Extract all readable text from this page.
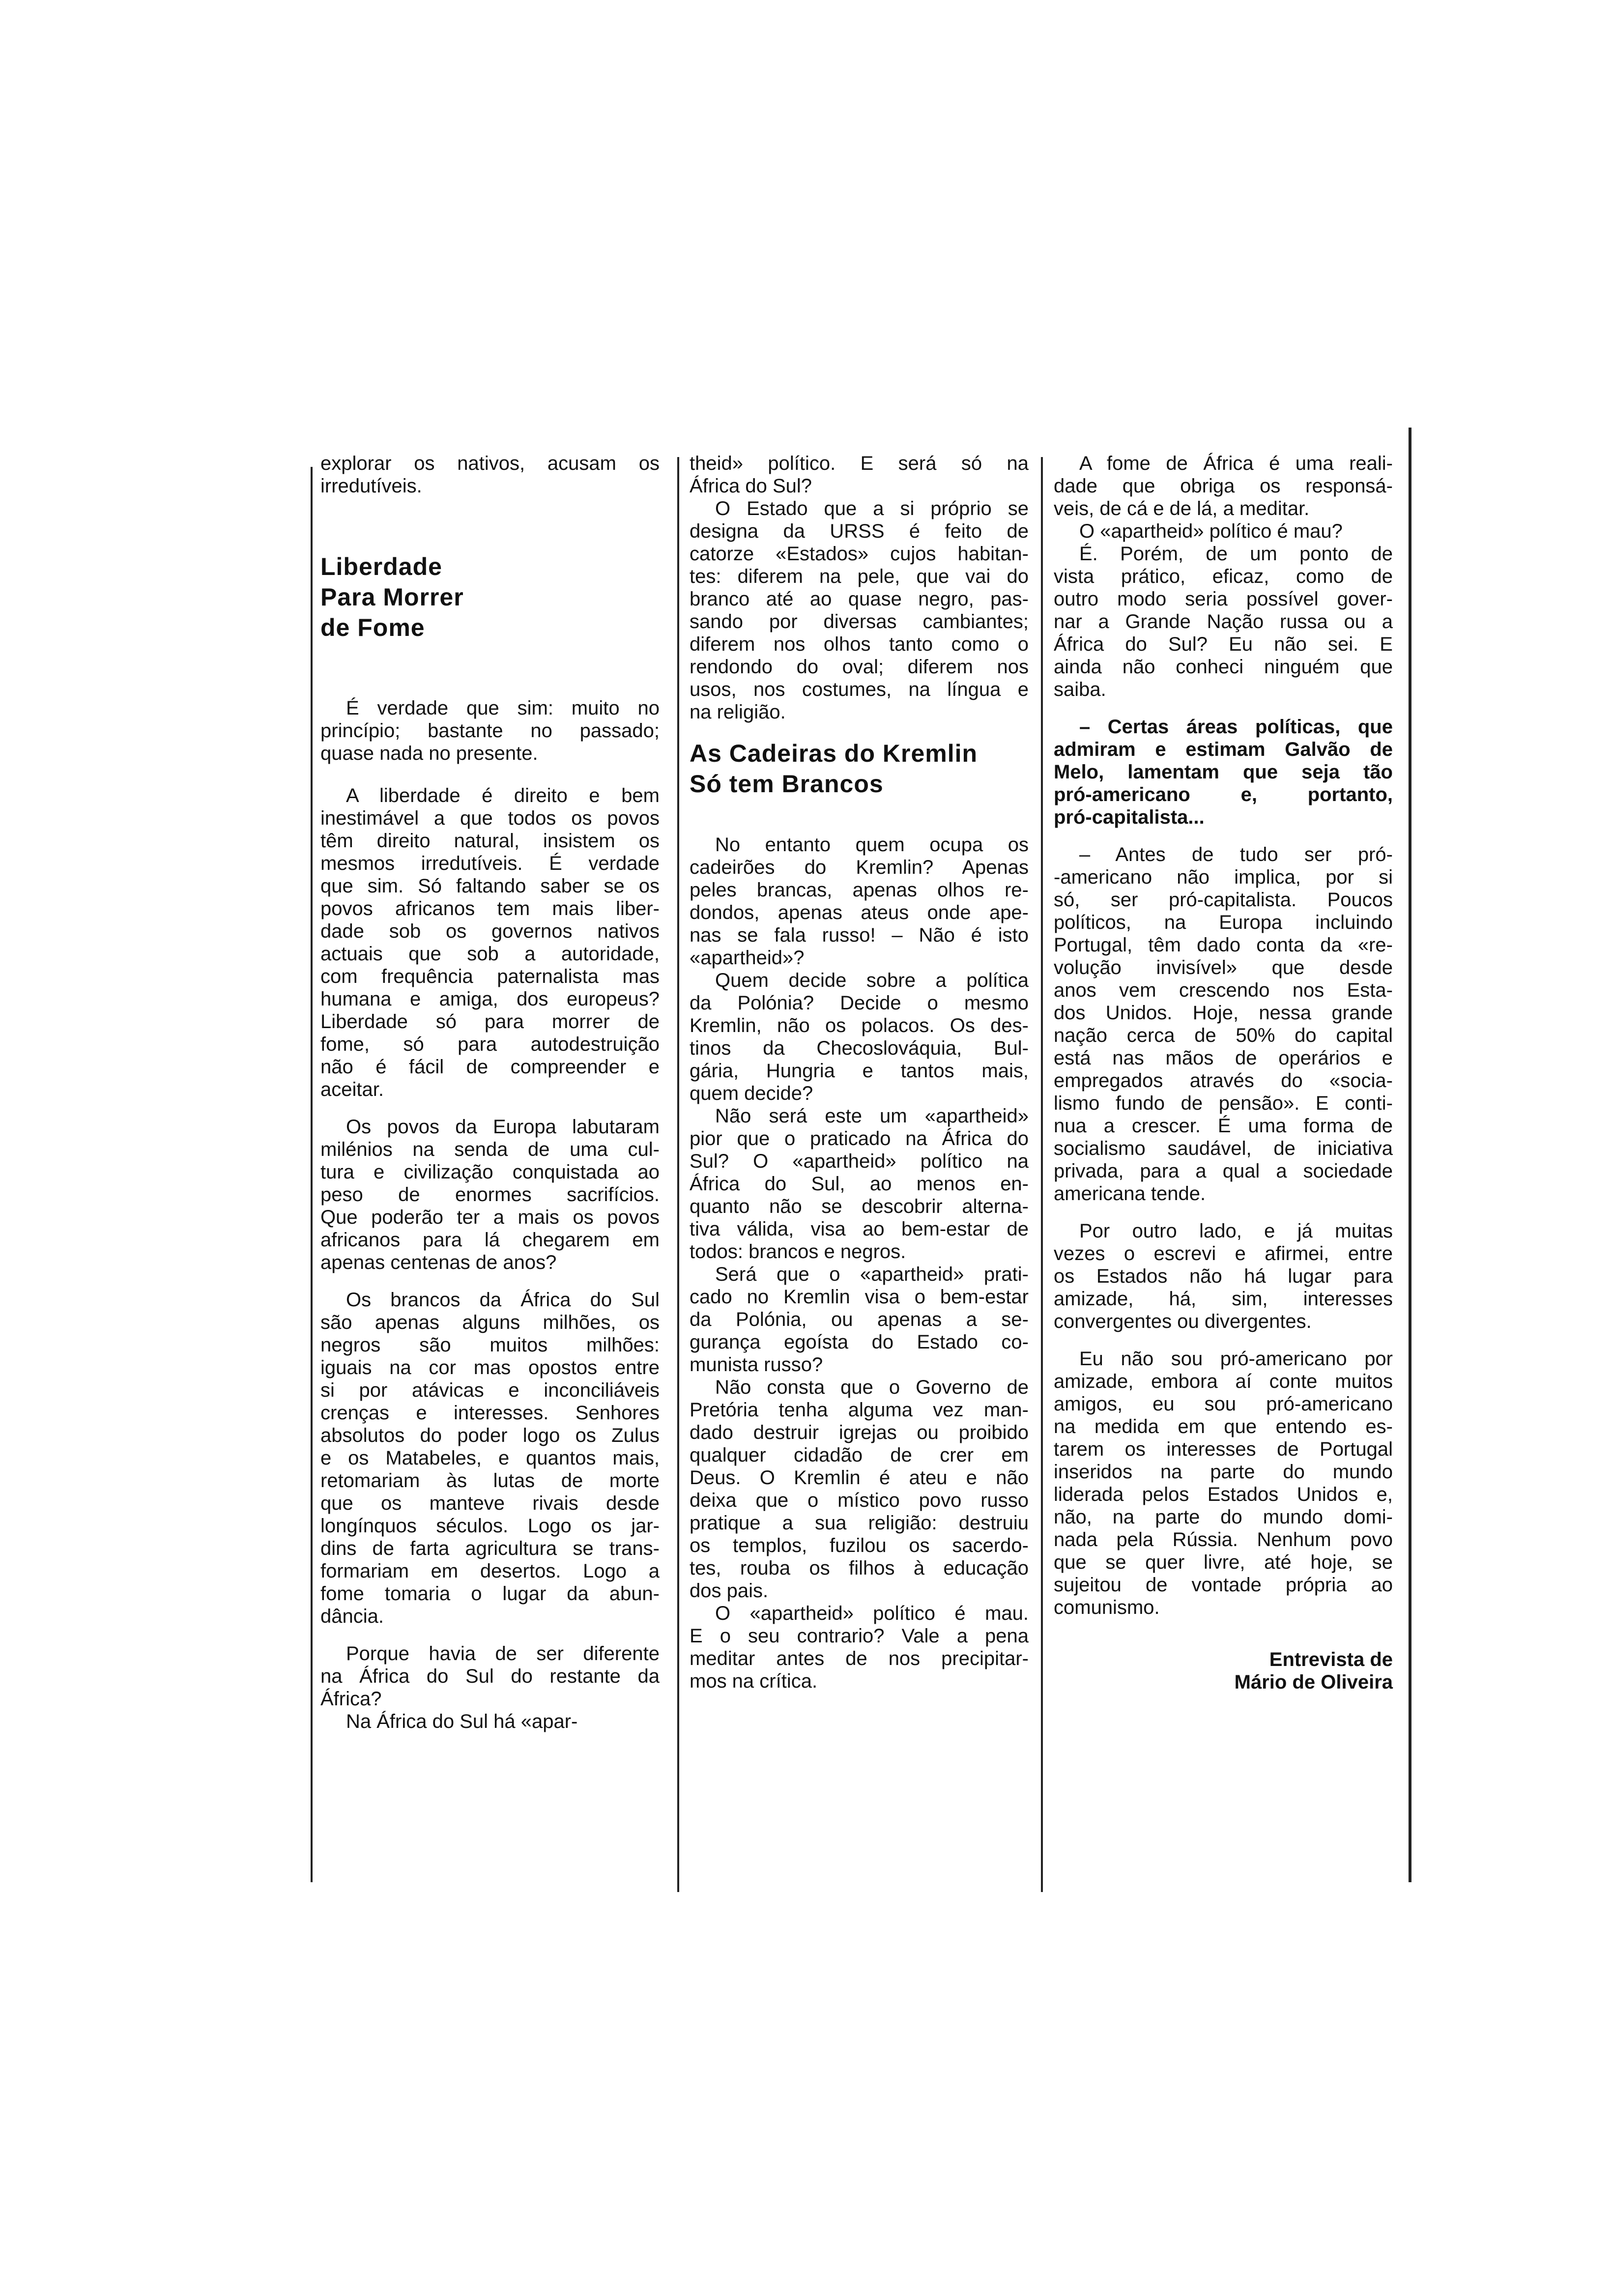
explorar os nativos, acusam os
irredutíveis.
Liberdade
Para Morrer
de Fome
É verdade que sim: muito no
princípio; bastante no passado;
quase nada no presente.
A liberdade é direito e bem
inestimável a que todos os povos
têm direito natural, insistem os
mesmos irredutíveis. É verdade
que sim. Só faltando saber se os
povos africanos tem mais liber-
dade sob os governos nativos
actuais que sob a autoridade,
com frequência paternalista mas
humana e amiga, dos europeus?
Liberdade só para morrer de
fome, só para autodestruição
não é fácil de compreender e
aceitar.
Os povos da Europa labutaram
milénios na senda de uma cul-
tura e civilização conquistada ao
peso de enormes sacrifícios.
Que poderão ter a mais os povos
africanos para lá chegarem em
apenas centenas de anos?
Os brancos da África do Sul
são apenas alguns milhões, os
negros são muitos milhões:
iguais na cor mas opostos entre
si por atávicas e inconciliáveis
crenças e interesses. Senhores
absolutos do poder logo os Zulus
e os Matabeles, e quantos mais,
retomariam às lutas de morte
que os manteve rivais desde
longínquos séculos. Logo os jar-
dins de farta agricultura se trans-
formariam em desertos. Logo a
fome tomaria o lugar da abun-
dância.
Porque havia de ser diferente
na África do Sul do restante da
África?
Na África do Sul há «apar-
theid» político. E será só na
África do Sul?
O Estado que a si próprio se
designa da URSS é feito de
catorze «Estados» cujos habitan-
tes: diferem na pele, que vai do
branco até ao quase negro, pas-
sando por diversas cambiantes;
diferem nos olhos tanto como o
rendondo do oval; diferem nos
usos, nos costumes, na língua e
na religião.
As Cadeiras do Kremlin
Só tem Brancos
No entanto quem ocupa os
cadeirões do Kremlin? Apenas
peles brancas, apenas olhos re-
dondos, apenas ateus onde ape-
nas se fala russo! – Não é isto
«apartheid»?
Quem decide sobre a política
da Polónia? Decide o mesmo
Kremlin, não os polacos. Os des-
tinos da Checoslováquia, Bul-
gária, Hungria e tantos mais,
quem decide?
Não será este um «apartheid»
pior que o praticado na África do
Sul? O «apartheid» político na
África do Sul, ao menos en-
quanto não se descobrir alterna-
tiva válida, visa ao bem-estar de
todos: brancos e negros.
Será que o «apartheid» prati-
cado no Kremlin visa o bem-estar
da Polónia, ou apenas a se-
gurança egoísta do Estado co-
munista russo?
Não consta que o Governo de
Pretória tenha alguma vez man-
dado destruir igrejas ou proibido
qualquer cidadão de crer em
Deus. O Kremlin é ateu e não
deixa que o místico povo russo
pratique a sua religião: destruiu
os templos, fuzilou os sacerdo-
tes, rouba os filhos à educação
dos pais.
O «apartheid» político é mau.
E o seu contrario? Vale a pena
meditar antes de nos precipitar-
mos na crítica.
A fome de África é uma reali-
dade que obriga os responsá-
veis, de cá e de lá, a meditar.
O «apartheid» político é mau?
É. Porém, de um ponto de
vista prático, eficaz, como de
outro modo seria possível gover-
nar a Grande Nação russa ou a
África do Sul? Eu não sei. E
ainda não conheci ninguém que
saiba.
– Certas áreas políticas, que
admiram e estimam Galvão de
Melo, lamentam que seja tão
pró-americano e, portanto,
pró-capitalista...
– Antes de tudo ser pró-
-americano não implica, por si
só, ser pró-capitalista. Poucos
políticos, na Europa incluindo
Portugal, têm dado conta da «re-
volução invisível» que desde
anos vem crescendo nos Esta-
dos Unidos. Hoje, nessa grande
nação cerca de 50% do capital
está nas mãos de operários e
empregados através do «socia-
lismo fundo de pensão». E conti-
nua a crescer. É uma forma de
socialismo saudável, de iniciativa
privada, para a qual a sociedade
americana tende.
Por outro lado, e já muitas
vezes o escrevi e afirmei, entre
os Estados não há lugar para
amizade, há, sim, interesses
convergentes ou divergentes.
Eu não sou pró-americano por
amizade, embora aí conte muitos
amigos, eu sou pró-americano
na medida em que entendo es-
tarem os interesses de Portugal
inseridos na parte do mundo
liderada pelos Estados Unidos e,
não, na parte do mundo domi-
nada pela Rússia. Nenhum povo
que se quer livre, até hoje, se
sujeitou de vontade própria ao
comunismo.
Entrevista de
Mário de Oliveira
